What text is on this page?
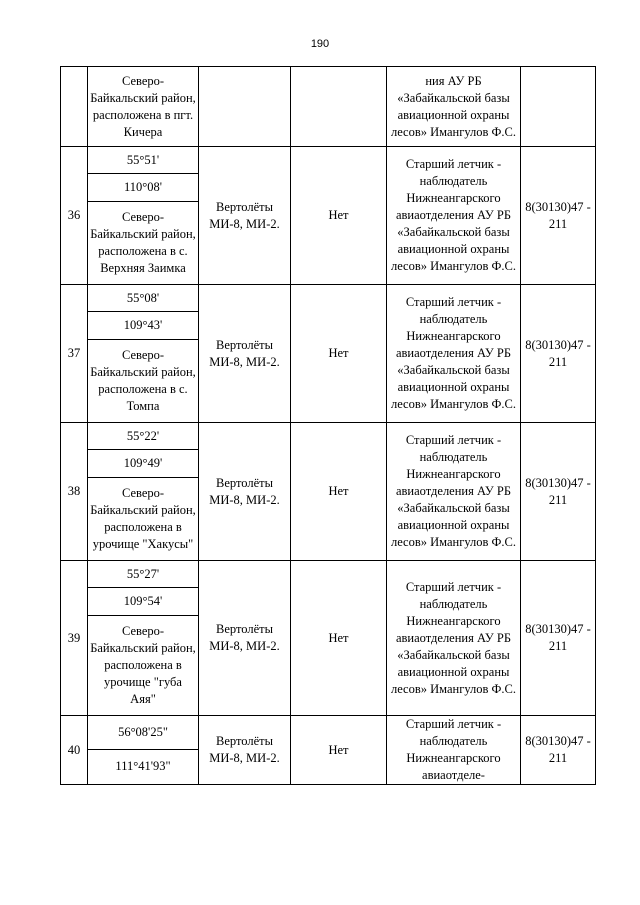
190
	Северо-Байкальский район, расположена в пгт. Кичера			ния АУ РБ «Забайкальской базы авиационной охраны лесов» Имангулов Ф.С.	
36	55°51'	Вертолёты МИ-8, МИ-2.	Нет	Старший летчик - наблюдатель Нижнеангарского авиаотделения АУ РБ «Забайкальской базы авиационной охраны лесов» Имангулов Ф.С.	8(30130)47 - 211
	110°08'				
	Северо-Байкальский район, расположена в с. Верхняя Заимка				
37	55°08'	Вертолёты МИ-8, МИ-2.	Нет	Старший летчик - наблюдатель Нижнеангарского авиаотделения АУ РБ «Забайкальской базы авиационной охраны лесов» Имангулов Ф.С.	8(30130)47 - 211
	109°43'				
	Северо-Байкальский район, расположена в с. Томпа				
38	55°22'	Вертолёты МИ-8, МИ-2.	Нет	Старший летчик - наблюдатель Нижнеангарского авиаотделения АУ РБ «Забайкальской базы авиационной охраны лесов» Имангулов Ф.С.	8(30130)47 - 211
	109°49'				
	Северо-Байкальский район, расположена в урочище "Хакусы"				
39	55°27'	Вертолёты МИ-8, МИ-2.	Нет	Старший летчик - наблюдатель Нижнеангарского авиаотделения АУ РБ «Забайкальской базы авиационной охраны лесов» Имангулов Ф.С.	8(30130)47 - 211
	109°54'				
	Северо-Байкальский район, расположена в урочище "губа Аяя"				
40	56°08'25"	Вертолёты МИ-8, МИ-2.	Нет	Старший летчик - наблюдатель Нижнеангарского авиаотделе-	8(30130)47 - 211
	111°41'93"				
